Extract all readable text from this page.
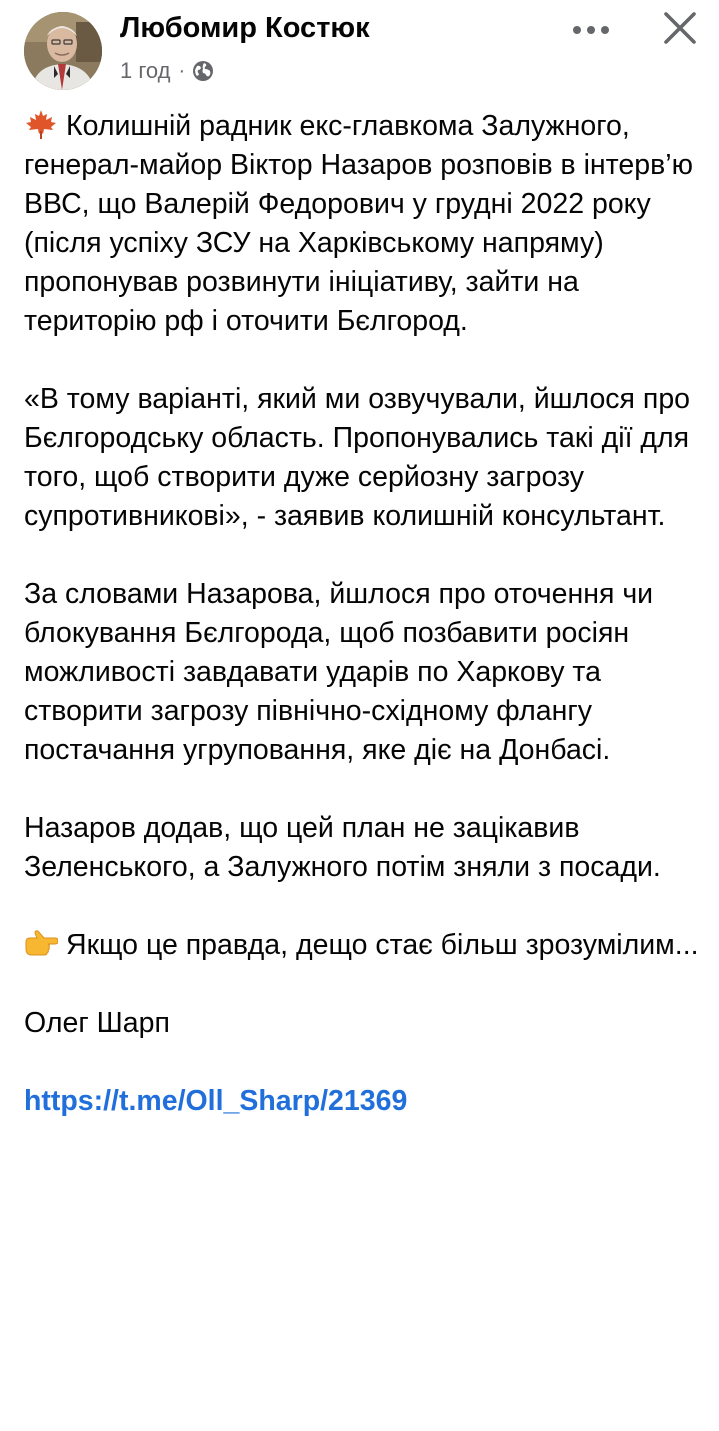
Любомир Костюк
1 год ·

Колишній радник екс-главкома Залужного, генерал-майор Віктор Назаров розповів в інтерв’ю ВВС, що Валерій Федорович у грудні 2022 року (після успіху ЗСУ на Харківському напряму) пропонував розвинути ініціативу, зайти на територію рф і оточити Бєлгород.

«В тому варіанті, який ми озвучували, йшлося про Бєлгородську область. Пропонувались такі дії для того, щоб створити дуже серйозну загрозу супротивникові», - заявив колишній консультант.

За словами Назарова, йшлося про оточення чи блокування Бєлгорода, щоб позбавити росіян можливості завдавати ударів по Харкову та створити загрозу північно-східному флангу постачання угруповання, яке діє на Донбасі.

Назаров додав, що цей план не зацікавив Зеленського, а Залужного потім зняли з посади.

Якщо це правда, дещо стає більш зрозумілим...

Олег Шарп

https://t.me/Oll_Sharp/21369
